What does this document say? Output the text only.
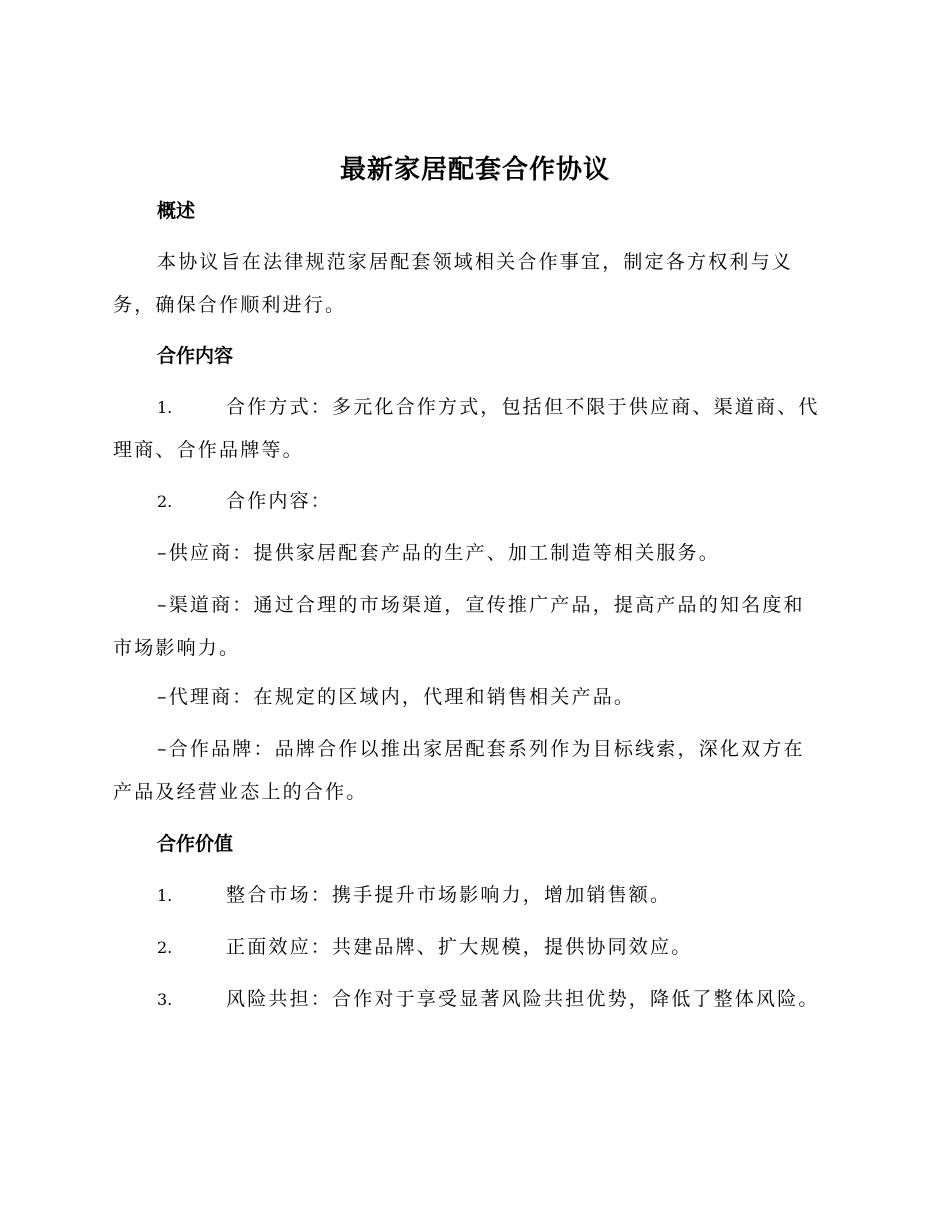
最新家居配套合作协议
概述
本协议旨在法律规范家居配套领域相关合作事宜，制定各方权利与义
务，确保合作顺利进行。
合作内容
1.	合作方式：多元化合作方式，包括但不限于供应商、渠道商、代
理商、合作品牌等。
2.	合作内容：
–供应商：提供家居配套产品的生产、加工制造等相关服务。
–渠道商：通过合理的市场渠道，宣传推广产品，提高产品的知名度和
市场影响力。
–代理商：在规定的区域内，代理和销售相关产品。
–合作品牌：品牌合作以推出家居配套系列作为目标线索，深化双方在
产品及经营业态上的合作。
合作价值
1.	整合市场：携手提升市场影响力，增加销售额。
2.	正面效应：共建品牌、扩大规模，提供协同效应。
3.	风险共担：合作对于享受显著风险共担优势，降低了整体风险。
